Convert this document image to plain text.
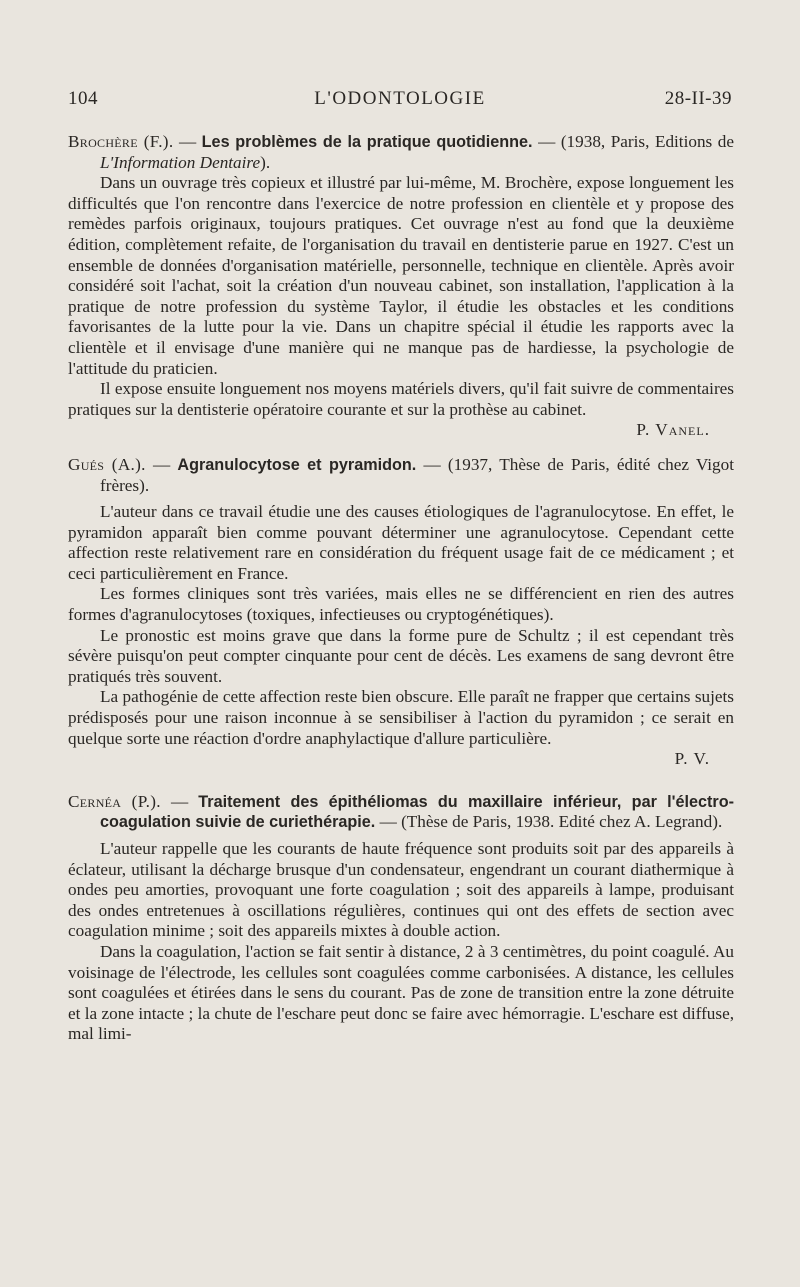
104	L'ODONTOLOGIE	28-II-39

Brochère (F.). — Les problèmes de la pratique quotidienne. — (1938, Paris, Editions de L'Information Dentaire).

Dans un ouvrage très copieux et illustré par lui-même, M. Brochère, expose longuement les difficultés que l'on rencontre dans l'exercice de notre profession en clientèle et y propose des remèdes parfois originaux, toujours pratiques. Cet ouvrage n'est au fond que la deuxième édition, complètement refaite, de l'organisation du travail en dentisterie parue en 1927. C'est un ensemble de données d'organisation matérielle, personnelle, technique en clientèle. Après avoir considéré soit l'achat, soit la création d'un nouveau cabinet, son installation, l'application à la pratique de notre profession du système Taylor, il étudie les obstacles et les conditions favorisantes de la lutte pour la vie. Dans un chapitre spécial il étudie les rapports avec la clientèle et il envisage d'une manière qui ne manque pas de hardiesse, la psychologie de l'attitude du praticien.

Il expose ensuite longuement nos moyens matériels divers, qu'il fait suivre de commentaires pratiques sur la dentisterie opératoire courante et sur la prothèse au cabinet.

P. Vanel.

Gués (A.). — Agranulocytose et pyramidon. — (1937, Thèse de Paris, édité chez Vigot frères).

L'auteur dans ce travail étudie une des causes étiologiques de l'agranulocytose. En effet, le pyramidon apparaît bien comme pouvant déterminer une agranulocytose. Cependant cette affection reste relativement rare en considération du fréquent usage fait de ce médicament ; et ceci particulièrement en France.

Les formes cliniques sont très variées, mais elles ne se différencient en rien des autres formes d'agranulocytoses (toxiques, infectieuses ou cryptogénétiques).

Le pronostic est moins grave que dans la forme pure de Schultz ; il est cependant très sévère puisqu'on peut compter cinquante pour cent de décès. Les examens de sang devront être pratiqués très souvent.

La pathogénie de cette affection reste bien obscure. Elle paraît ne frapper que certains sujets prédisposés pour une raison inconnue à se sensibiliser à l'action du pyramidon ; ce serait en quelque sorte une réaction d'ordre anaphylactique d'allure particulière.

P. V.

Cernéa (P.). — Traitement des épithéliomas du maxillaire inférieur, par l'électro-coagulation suivie de curiethérapie. — (Thèse de Paris, 1938. Edité chez A. Legrand).

L'auteur rappelle que les courants de haute fréquence sont produits soit par des appareils à éclateur, utilisant la décharge brusque d'un condensateur, engendrant un courant diathermique à ondes peu amorties, provoquant une forte coagulation ; soit des appareils à lampe, produisant des ondes entretenues à oscillations régulières, continues qui ont des effets de section avec coagulation minime ; soit des appareils mixtes à double action.

Dans la coagulation, l'action se fait sentir à distance, 2 à 3 centimètres, du point coagulé. Au voisinage de l'électrode, les cellules sont coagulées comme carbonisées. A distance, les cellules sont coagulées et étirées dans le sens du courant. Pas de zone de transition entre la zone détruite et la zone intacte ; la chute de l'eschare peut donc se faire avec hémorragie. L'eschare est diffuse, mal limi-
